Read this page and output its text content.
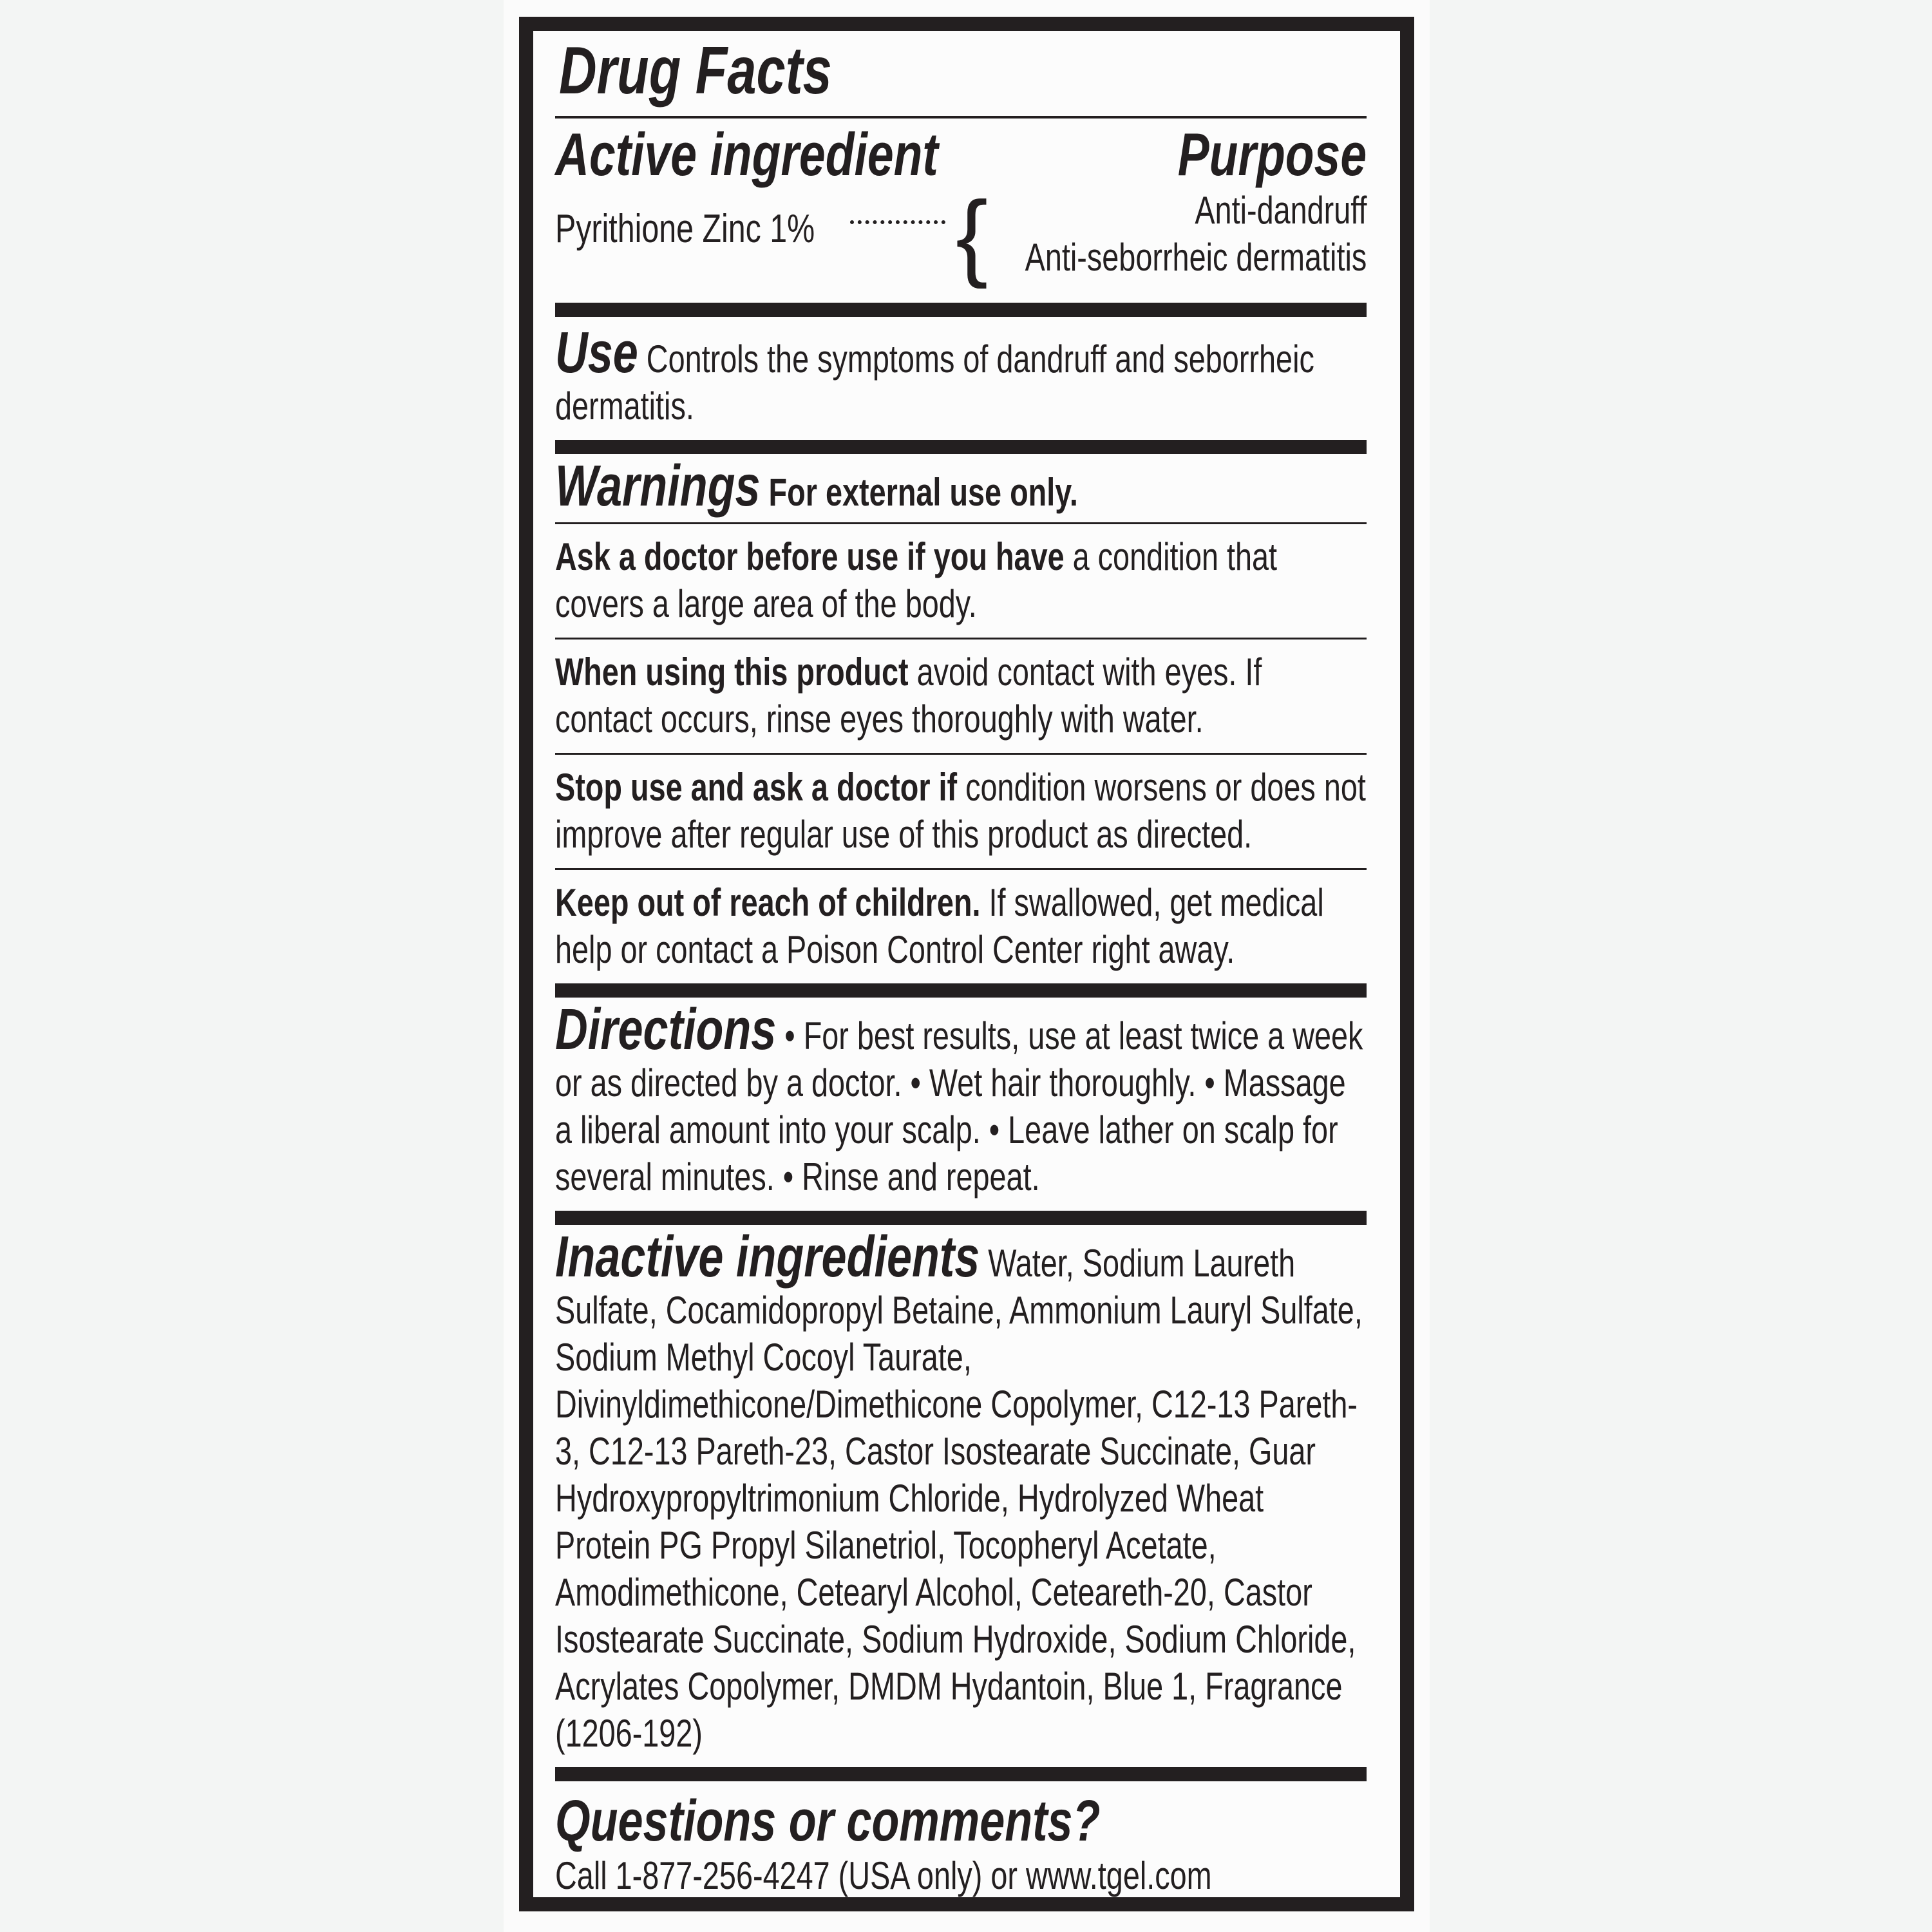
Drug Facts
Active ingredient	Purpose
Pyrithione Zinc 1%	{	Anti-dandruff
Anti-seborrheic dermatitis
Use Controls the symptoms of dandruff and seborrheic dermatitis.
Warnings For external use only.
Ask a doctor before use if you have a condition that covers a large area of the body.
When using this product avoid contact with eyes. If contact occurs, rinse eyes thoroughly with water.
Stop use and ask a doctor if condition worsens or does not improve after regular use of this product as directed.
Keep out of reach of children. If swallowed, get medical help or contact a Poison Control Center right away.
Directions • For best results, use at least twice a week or as directed by a doctor. • Wet hair thoroughly. • Massage a liberal amount into your scalp. • Leave lather on scalp for several minutes. • Rinse and repeat.
Inactive ingredients Water, Sodium Laureth Sulfate, Cocamidopropyl Betaine, Ammonium Lauryl Sulfate, Sodium Methyl Cocoyl Taurate, Divinyldimethicone/Dimethicone Copolymer, C12-13 Pareth-3, C12-13 Pareth-23, Castor Isostearate Succinate, Guar Hydroxypropyltrimonium Chloride, Hydrolyzed Wheat Protein PG Propyl Silanetriol, Tocopheryl Acetate, Amodimethicone, Cetearyl Alcohol, Ceteareth-20, Castor Isostearate Succinate, Sodium Hydroxide, Sodium Chloride, Acrylates Copolymer, DMDM Hydantoin, Blue 1, Fragrance (1206-192)
Questions or comments?
Call 1-877-256-4247 (USA only) or www.tgel.com
